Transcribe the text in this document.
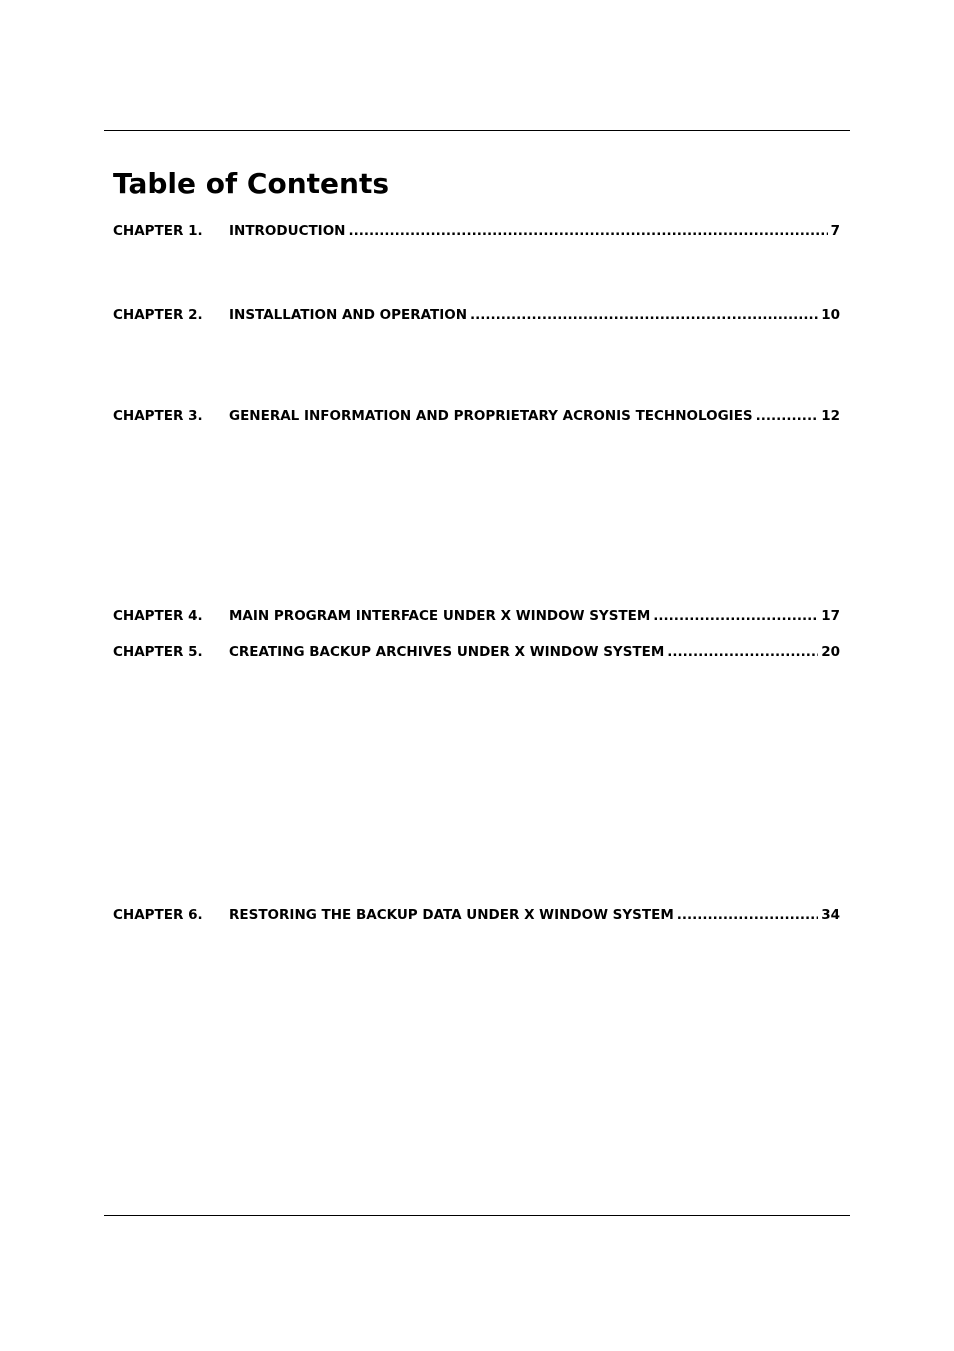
Table of Contents
CHAPTER 1.	INTRODUCTION .....	7
CHAPTER 2.	INSTALLATION AND OPERATION .....	10
CHAPTER 3.	GENERAL INFORMATION AND PROPRIETARY ACRONIS TECHNOLOGIES .....	12
CHAPTER 4.	MAIN PROGRAM INTERFACE UNDER X WINDOW SYSTEM .....	17
CHAPTER 5.	CREATING BACKUP ARCHIVES UNDER X WINDOW SYSTEM .....	20
CHAPTER 6.	RESTORING THE BACKUP DATA UNDER X WINDOW SYSTEM .....	34
